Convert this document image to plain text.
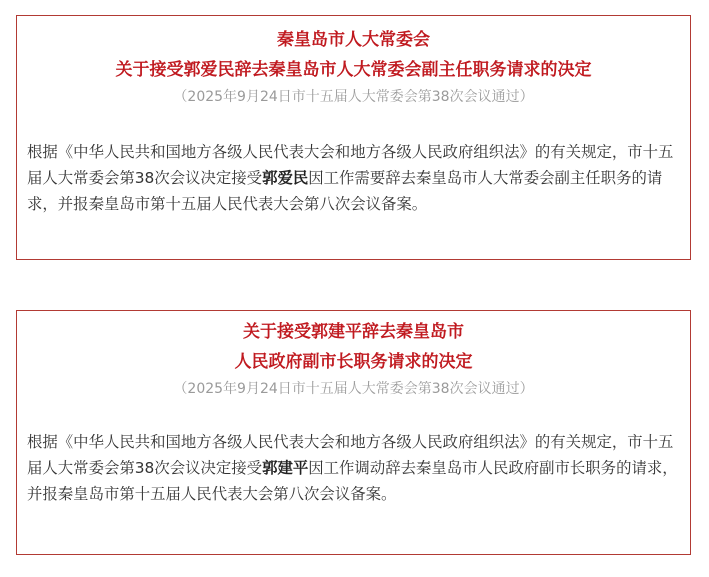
秦皇岛市人大常委会

关于接受郭爱民辞去秦皇岛市人大常委会副主任职务请求的决定

（2025年9月24日市十五届人大常委会第38次会议通过）

根据《中华人民共和国地方各级人民代表大会和地方各级人民政府组织法》的有关规定，市十五届人大常委会第38次会议决定接受郭爱民因工作需要辞去秦皇岛市人大常委会副主任职务的请求，并报秦皇岛市第十五届人民代表大会第八次会议备案。

关于接受郭建平辞去秦皇岛市

人民政府副市长职务请求的决定

（2025年9月24日市十五届人大常委会第38次会议通过）

根据《中华人民共和国地方各级人民代表大会和地方各级人民政府组织法》的有关规定，市十五届人大常委会第38次会议决定接受郭建平因工作调动辞去秦皇岛市人民政府副市长职务的请求，并报秦皇岛市第十五届人民代表大会第八次会议备案。
